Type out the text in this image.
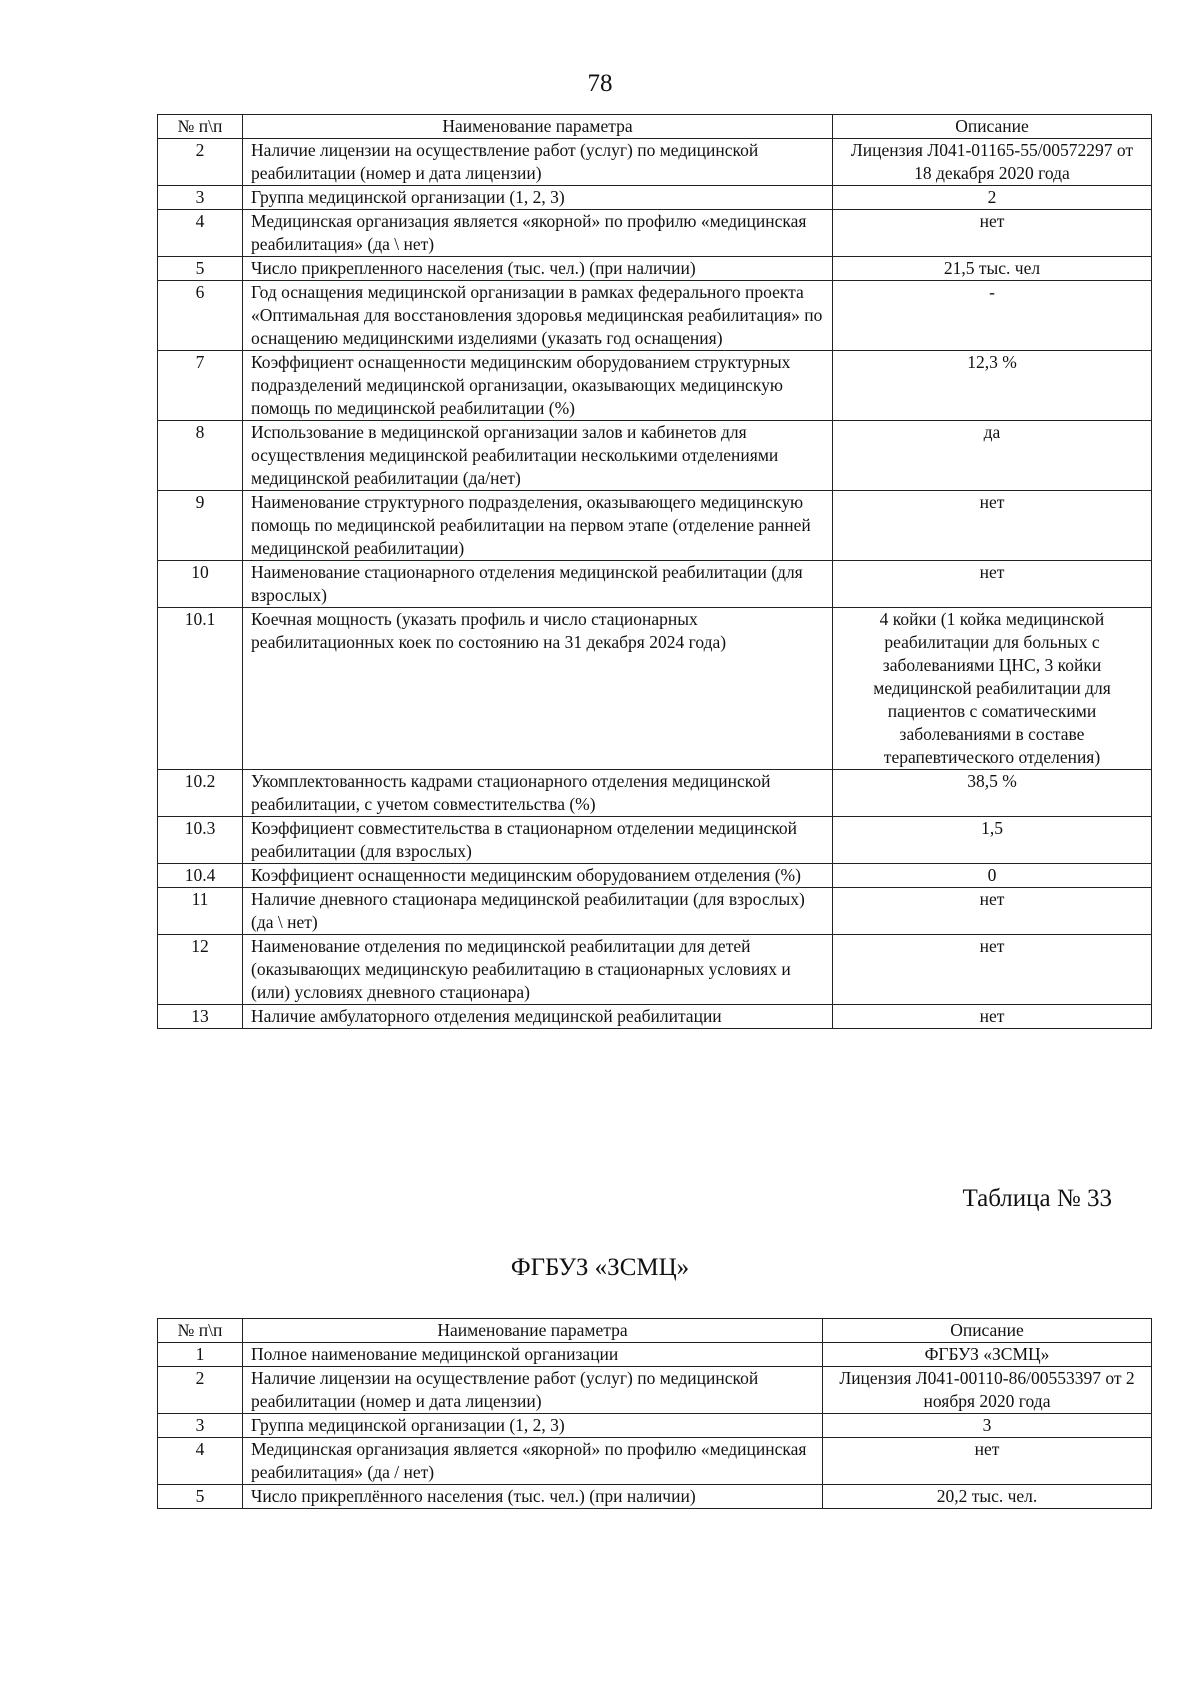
78
№ п\п	Наименование параметра	Описание
2	Наличие лицензии на осуществление работ (услуг) по медицинской реабилитации (номер и дата лицензии)	Лицензия Л041-01165-55/00572297 от 18 декабря 2020 года
3	Группа медицинской организации (1, 2, 3)	2
4	Медицинская организация является «якорной» по профилю «медицинская реабилитация» (да \ нет)	нет
5	Число прикрепленного населения (тыс. чел.) (при наличии)	21,5 тыс. чел
6	Год оснащения медицинской организации в рамках федерального проекта «Оптимальная для восстановления здоровья медицинская реабилитация» по оснащению медицинскими изделиями (указать год оснащения)	-
7	Коэффициент оснащенности медицинским оборудованием структурных подразделений медицинской организации, оказывающих медицинскую помощь по медицинской реабилитации (%)	12,3 %
8	Использование в медицинской организации залов и кабинетов для осуществления медицинской реабилитации несколькими отделениями медицинской реабилитации (да/нет)	да
9	Наименование структурного подразделения, оказывающего медицинскую помощь по медицинской реабилитации на первом этапе (отделение ранней медицинской реабилитации)	нет
10	Наименование стационарного отделения медицинской реабилитации (для взрослых)	нет
10.1	Коечная мощность (указать профиль и число стационарных реабилитационных коек по состоянию на 31 декабря 2024 года)	4 койки (1 койка медицинской реабилитации для больных с заболеваниями ЦНС, 3 койки медицинской реабилитации для пациентов с соматическими заболеваниями в составе терапевтического отделения)
10.2	Укомплектованность кадрами стационарного отделения медицинской реабилитации, с учетом совместительства (%)	38,5 %
10.3	Коэффициент совместительства в стационарном отделении медицинской реабилитации (для взрослых)	1,5
10.4	Коэффициент оснащенности медицинским оборудованием отделения (%)	0
11	Наличие дневного стационара медицинской реабилитации (для взрослых) (да \ нет)	нет
12	Наименование отделения по медицинской реабилитации для детей (оказывающих медицинскую реабилитацию в стационарных условиях и (или) условиях дневного стационара)	нет
13	Наличие амбулаторного отделения медицинской реабилитации	нет
Таблица № 33
ФГБУЗ «ЗСМЦ»
№ п\п	Наименование параметра	Описание
1	Полное наименование медицинской организации	ФГБУЗ «ЗСМЦ»
2	Наличие лицензии на осуществление работ (услуг) по медицинской реабилитации (номер и дата лицензии)	Лицензия Л041-00110-86/00553397 от 2 ноября 2020 года
3	Группа медицинской организации (1, 2, 3)	3
4	Медицинская организация является «якорной» по профилю «медицинская реабилитация» (да / нет)	нет
5	Число прикреплённого населения (тыс. чел.) (при наличии)	20,2 тыс. чел.
